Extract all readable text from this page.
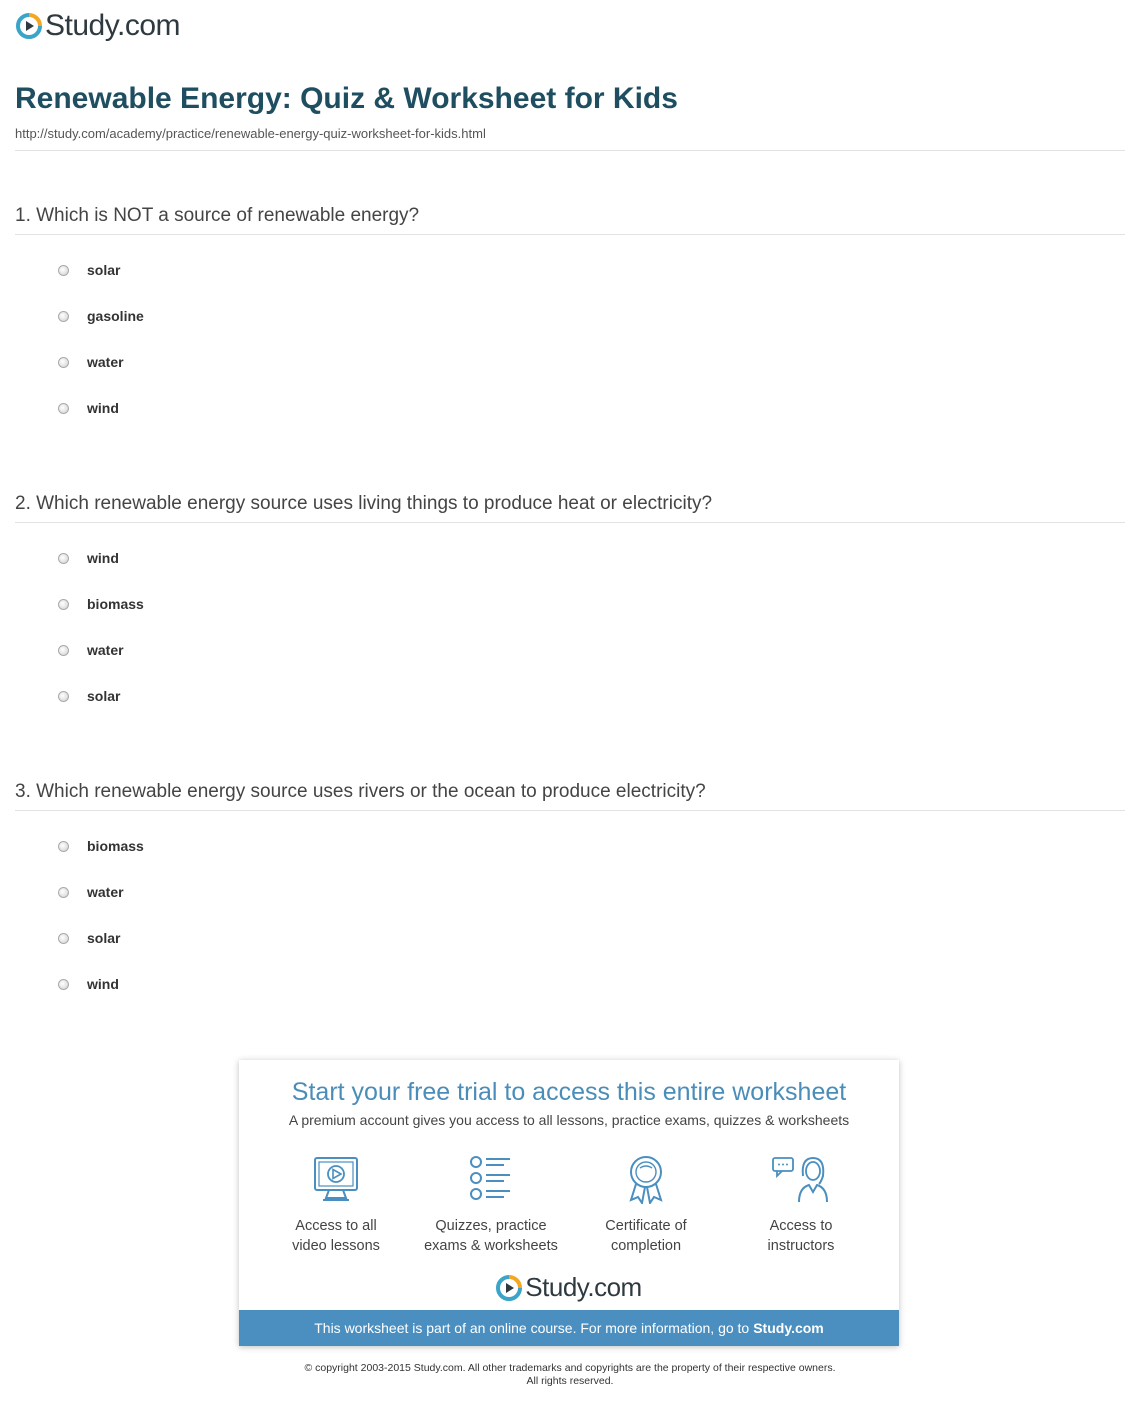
Study.com
Renewable Energy: Quiz & Worksheet for Kids
http://study.com/academy/practice/renewable-energy-quiz-worksheet-for-kids.html
1. Which is NOT a source of renewable energy?
solar
gasoline
water
wind
2. Which renewable energy source uses living things to produce heat or electricity?
wind
biomass
water
solar
3. Which renewable energy source uses rivers or the ocean to produce electricity?
biomass
water
solar
wind
Start your free trial to access this entire worksheet
A premium account gives you access to all lessons, practice exams, quizzes & worksheets
Access to all
video lessons
Quizzes, practice
exams & worksheets
Certificate of
completion
Access to
instructors
Study.com
This worksheet is part of an online course. For more information, go to Study.com
© copyright 2003-2015 Study.com. All other trademarks and copyrights are the property of their respective owners.
All rights reserved.
